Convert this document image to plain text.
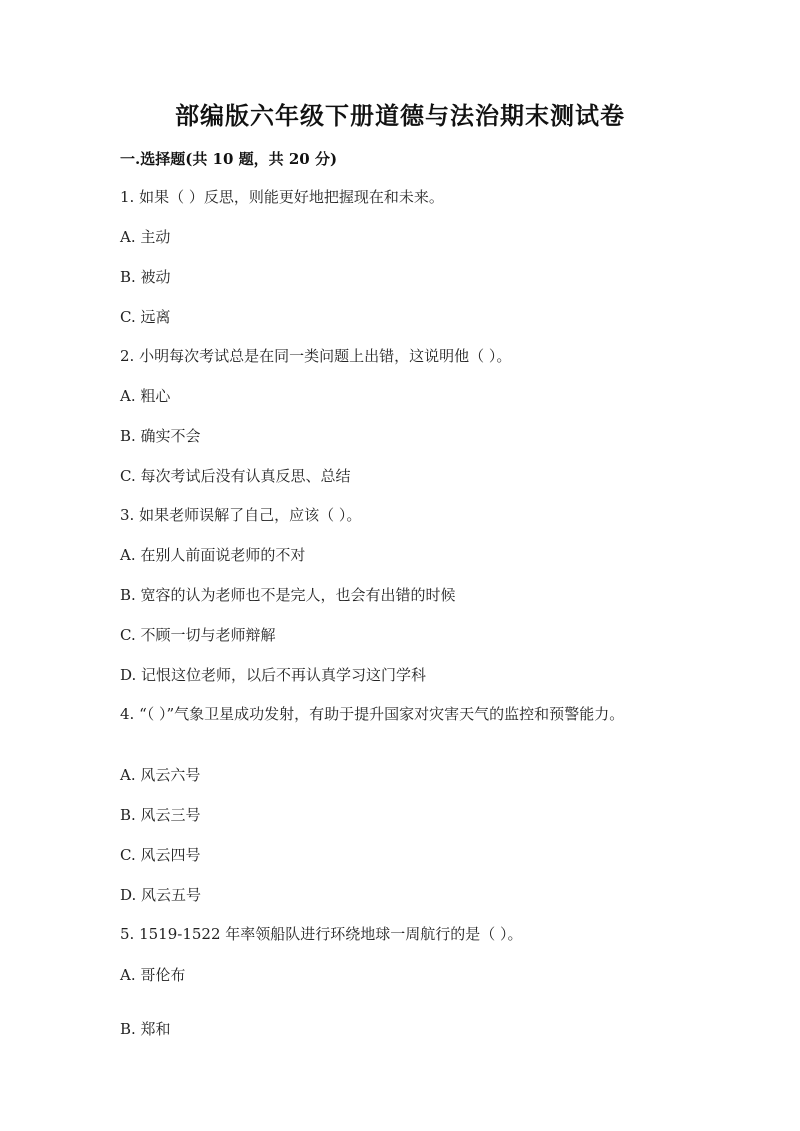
部编版六年级下册道德与法治期末测试卷
一.选择题(共 10 题，共 20 分)
1. 如果（ ）反思，则能更好地把握现在和未来。
A. 主动
B. 被动
C. 远离
2. 小明每次考试总是在同一类问题上出错，这说明他（ ）。
A. 粗心
B. 确实不会
C. 每次考试后没有认真反思、总结
3. 如果老师误解了自己，应该（ ）。
A. 在别人前面说老师的不对
B. 宽容的认为老师也不是完人，也会有出错的时候
C. 不顾一切与老师辩解
D. 记恨这位老师，以后不再认真学习这门学科
4. “（ ）”气象卫星成功发射，有助于提升国家对灾害天气的监控和预警能力。
A. 风云六号
B. 风云三号
C. 风云四号
D. 风云五号
5. 1519-1522 年率领船队进行环绕地球一周航行的是（ ）。
A. 哥伦布
B. 郑和
